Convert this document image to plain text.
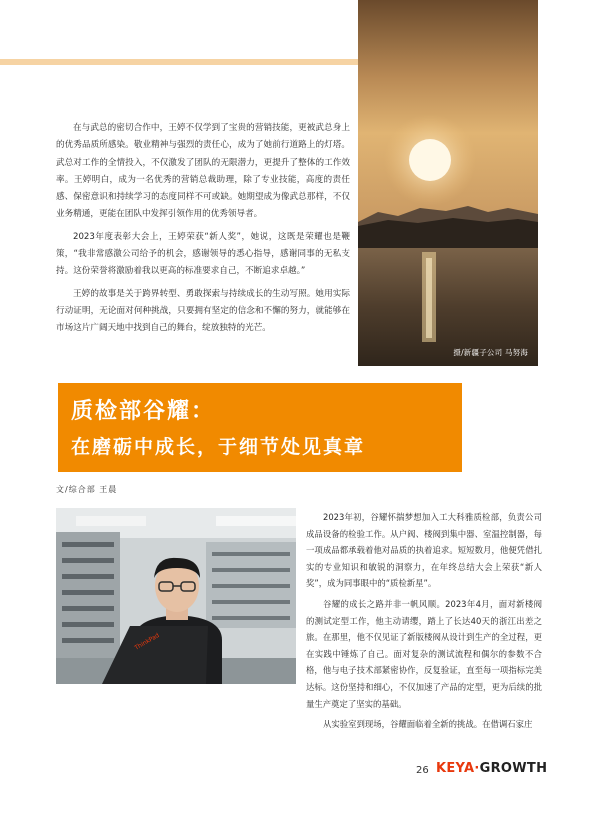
摄/新疆子公司 马努海

在与武总的密切合作中，王婷不仅学到了宝贵的营销技能，更被武总身上的优秀品质所感染。敬业精神与强烈的责任心，成为了她前行道路上的灯塔。武总对工作的全情投入，不仅激发了团队的无限潜力，更提升了整体的工作效率。王婷明白，成为一名优秀的营销总裁助理，除了专业技能，高度的责任感、保密意识和持续学习的态度同样不可或缺。她期望成为像武总那样，不仅业务精通，更能在团队中发挥引领作用的优秀领导者。

2023年度表彰大会上，王婷荣获“新人奖”，她说，这既是荣耀也是鞭策，“我非常感激公司给予的机会，感谢领导的悉心指导，感谢同事的无私支持。这份荣誉将激励着我以更高的标准要求自己，不断追求卓越。”

王婷的故事是关于跨界转型、勇敢探索与持续成长的生动写照。她用实际行动证明，无论面对何种挑战，只要拥有坚定的信念和不懈的努力，就能够在市场这片广阔天地中找到自己的舞台，绽放独特的光芒。

质检部谷耀：
在磨砺中成长，于细节处见真章
文/综合部 王晨
ThinkPad

2023年初，谷耀怀揣梦想加入工大科雅质检部，负责公司成品设备的检验工作。从户阀、楼阀到集中器、室温控制器，每一项成品都承载着他对品质的执着追求。短短数月，他便凭借扎实的专业知识和敏锐的洞察力，在年终总结大会上荣获“新人奖”，成为同事眼中的“质检新星”。

谷耀的成长之路并非一帆风顺。2023年4月，面对新楼阀的测试定型工作，他主动请缨，踏上了长达40天的浙江出差之旅。在那里，他不仅见证了新版楼阀从设计到生产的全过程，更在实践中锤炼了自己。面对复杂的测试流程和偶尔的参数不合格，他与电子技术部紧密协作，反复验证，直至每一项指标完美达标。这份坚持和细心，不仅加速了产品的定型，更为后续的批量生产奠定了坚实的基础。

从实验室到现场，谷耀面临着全新的挑战。在借调石家庄

26 KEYA·GROWTH
